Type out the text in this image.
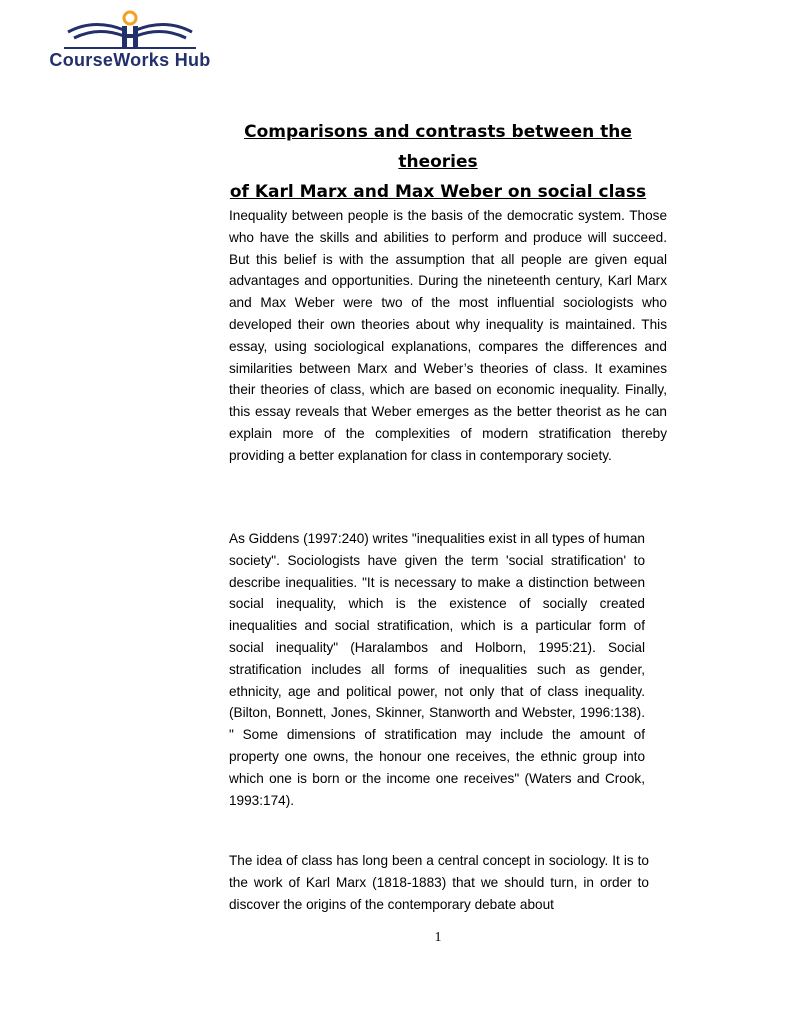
CourseWorks Hub
Comparisons and contrasts between the theories
of Karl Marx and Max Weber on social class

Inequality between people is the basis of the democratic system. Those who have the skills and abilities to perform and produce will succeed. But this belief is with the assumption that all people are given equal advantages and opportunities. During the nineteenth century, Karl Marx and Max Weber were two of the most influential sociologists who developed their own theories about why inequality is maintained. This essay, using sociological explanations, compares the differences and similarities between Marx and Weber’s theories of class. It examines their theories of class, which are based on economic inequality. Finally, this essay reveals that Weber emerges as the better theorist as he can explain more of the complexities of modern stratification thereby providing a better explanation for class in contemporary society.

As Giddens (1997:240) writes "inequalities exist in all types of human society". Sociologists have given the term 'social stratification' to describe inequalities. "It is necessary to make a distinction between social inequality, which is the existence of socially created inequalities and social stratification, which is a particular form of social inequality" (Haralambos and Holborn, 1995:21). Social stratification includes all forms of inequalities such as gender, ethnicity, age and political power, not only that of class inequality. (Bilton, Bonnett, Jones, Skinner, Stanworth and Webster, 1996:138). " Some dimensions of stratification may include the amount of property one owns, the honour one receives, the ethnic group into which one is born or the income one receives" (Waters and Crook, 1993:174).

The idea of class has long been a central concept in sociology. It is to the work of Karl Marx (1818-1883) that we should turn, in order to discover the origins of the contemporary debate about

1
